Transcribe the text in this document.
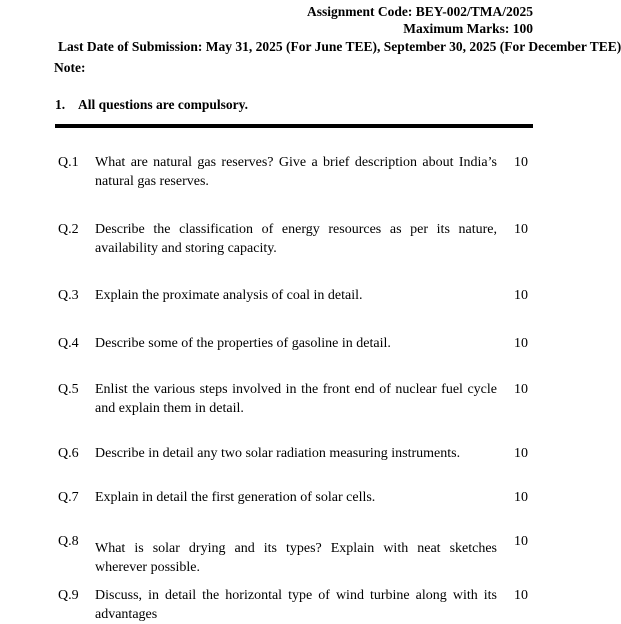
Assignment Code: BEY-002/TMA/2025
Maximum Marks: 100
Last Date of Submission: May 31, 2025 (For June TEE), September 30, 2025 (For December TEE)
Note:
1. All questions are compulsory.
Q.1	What are natural gas reserves? Give a brief description about India’s natural gas reserves.
10
Q.2	Describe the classification of energy resources as per its nature, availability and storing capacity.
10
Q.3	Explain the proximate analysis of coal in detail.	10
Q.4	Describe some of the properties of gasoline in detail.	10
Q.5	Enlist the various steps involved in the front end of nuclear fuel cycle and explain them in detail.
10
Q.6	Describe in detail any two solar radiation measuring instruments.	10
Q.7	Explain in detail the first generation of solar cells.	10
Q.8	What is solar drying and its types? Explain with neat sketches wherever possible.
10
Q.9	Discuss, in detail the horizontal type of wind turbine along with its advantages
10
